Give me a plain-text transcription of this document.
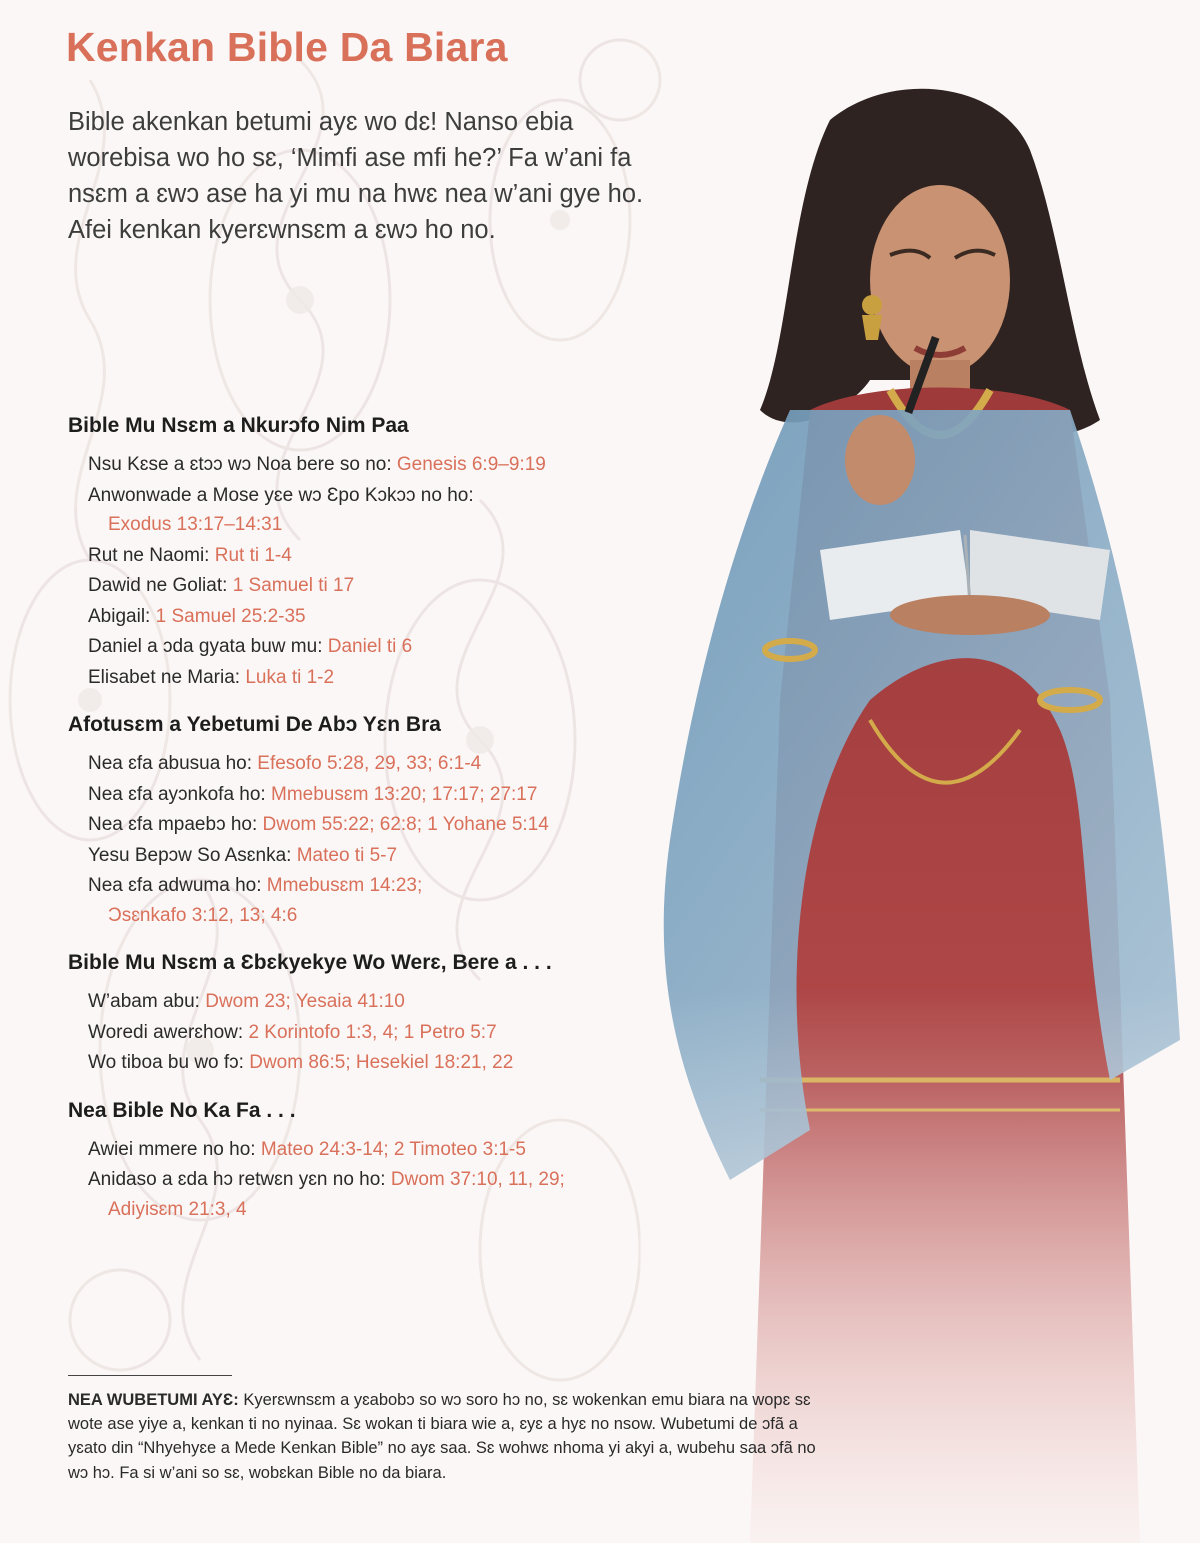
Kenkan Bible Da Biara

Bible akenkan betumi ayɛ wo dɛ! Nanso ebia worebisa wo ho sɛ, ‘Mimfi ase mfi he?’ Fa w’ani fa nsɛm a ɛwɔ ase ha yi mu na hwɛ nea w’ani gye ho. Afei kenkan kyerɛwnsɛm a ɛwɔ ho no.

Bible Mu Nsɛm a Nkurɔfo Nim Paa
Nsu Kɛse a ɛtɔɔ wɔ Noa bere so no: Genesis 6:9–9:19
Anwonwade a Mose yɛe wɔ Ɛpo Kɔkɔɔ no ho:
Exodus 13:17–14:31
Rut ne Naomi: Rut ti 1-4
Dawid ne Goliat: 1 Samuel ti 17
Abigail: 1 Samuel 25:2-35
Daniel a ɔda gyata buw mu: Daniel ti 6
Elisabet ne Maria: Luka ti 1-2
Afotusɛm a Yebetumi De Abɔ Yɛn Bra
Nea ɛfa abusua ho: Efesofo 5:28, 29, 33; 6:1-4
Nea ɛfa ayɔnkofa ho: Mmebusɛm 13:20; 17:17; 27:17
Nea ɛfa mpaebɔ ho: Dwom 55:22; 62:8; 1 Yohane 5:14
Yesu Bepɔw So Asɛnka: Mateo ti 5-7
Nea ɛfa adwuma ho: Mmebusɛm 14:23;
Ɔsɛnkafo 3:12, 13; 4:6
Bible Mu Nsɛm a Ɛbɛkyekye Wo Werɛ, Bere a . . .
W’abam abu: Dwom 23; Yesaia 41:10
Woredi awerɛhow: 2 Korintofo 1:3, 4; 1 Petro 5:7
Wo tiboa bu wo fɔ: Dwom 86:5; Hesekiel 18:21, 22
Nea Bible No Ka Fa . . .
Awiei mmere no ho: Mateo 24:3-14; 2 Timoteo 3:1-5
Anidaso a ɛda hɔ retwɛn yɛn no ho: Dwom 37:10, 11, 29;
Adiyisɛm 21:3, 4

NEA WUBETUMI AYƐ: Kyerɛwnsɛm a yɛabobɔ so wɔ soro hɔ no, sɛ wokenkan emu biara na wopɛ sɛ wote ase yiye a, kenkan ti no nyinaa. Sɛ wokan ti biara wie a, ɛyɛ a hyɛ no nsow. Wubetumi de ɔfã a yɛato din “Nhyehyɛe a Mede Kenkan Bible” no ayɛ saa. Sɛ wohwɛ nhoma yi akyi a, wubehu saa ɔfã no wɔ hɔ. Fa si w’ani so sɛ, wobɛkan Bible no da biara.
